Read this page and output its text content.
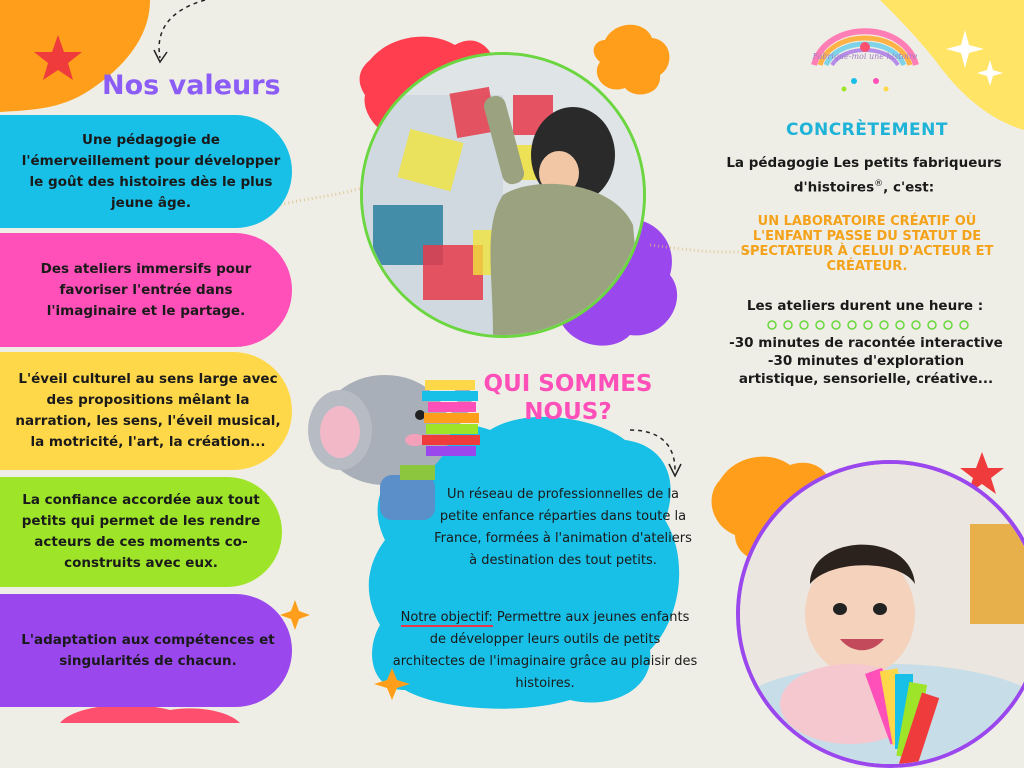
Nos valeurs
Une pédagogie de l'émerveillement pour développer le goût des histoires dès le plus jeune âge.
Des ateliers immersifs pour favoriser l'entrée dans l'imaginaire et le partage.
L'éveil culturel au sens large avec des propositions mêlant la narration, les sens, l'éveil musical, la motricité, l'art, la création...
La confiance accordée aux tout petits qui permet de les rendre acteurs de ces moments co-construits avec eux.
L'adaptation aux compétences et singularités de chacun.
QUI SOMMES
NOUS?
Un réseau de professionnelles de la petite enfance réparties dans toute la France, formées à l'animation d'ateliers à destination des tout petits.
Notre objectif: Permettre aux jeunes enfants de développer leurs outils de petits architectes de l'imaginaire grâce au plaisir des histoires.
Fabrique-moi une histoire
CONCRÈTEMENT
La pédagogie Les petits fabriqueurs
d'histoires®, c'est:
UN LABORATOIRE CRÉATIF OÙ L'ENFANT PASSE DU STATUT DE SPECTATEUR À CELUI D'ACTEUR ET CRÉATEUR.
Les ateliers durent une heure :
-30 minutes de racontée interactive
-30 minutes d'exploration
artistique, sensorielle, créative...
